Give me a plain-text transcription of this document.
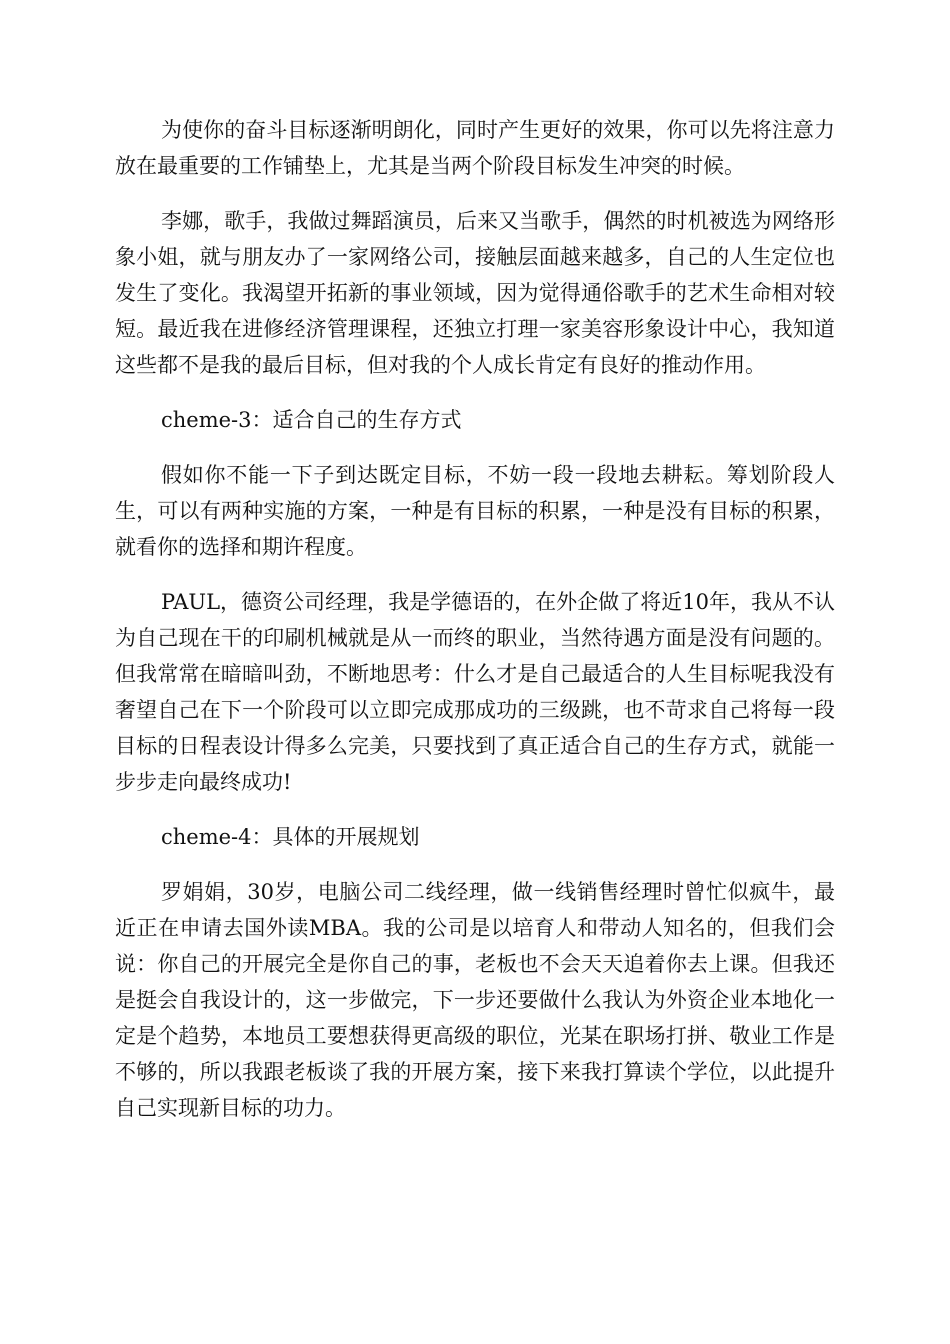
为使你的奋斗目标逐渐明朗化，同时产生更好的效果，你可以先将注意力放在最重要的工作铺垫上，尤其是当两个阶段目标发生冲突的时候。

李娜，歌手，我做过舞蹈演员，后来又当歌手，偶然的时机被选为网络形象小姐，就与朋友办了一家网络公司，接触层面越来越多，自己的人生定位也发生了变化。我渴望开拓新的事业领域，因为觉得通俗歌手的艺术生命相对较短。最近我在进修经济管理课程，还独立打理一家美容形象设计中心，我知道这些都不是我的最后目标，但对我的个人成长肯定有良好的推动作用。

cheme-3：适合自己的生存方式

假如你不能一下子到达既定目标，不妨一段一段地去耕耘。筹划阶段人生，可以有两种实施的方案，一种是有目标的积累，一种是没有目标的积累，就看你的选择和期许程度。

PAUL，德资公司经理，我是学德语的，在外企做了将近10年，我从不认为自己现在干的印刷机械就是从一而终的职业，当然待遇方面是没有问题的。但我常常在暗暗叫劲，不断地思考：什么才是自己最适合的人生目标呢我没有奢望自己在下一个阶段可以立即完成那成功的三级跳，也不苛求自己将每一段目标的日程表设计得多么完美，只要找到了真正适合自己的生存方式，就能一步步走向最终成功!

cheme-4：具体的开展规划

罗娟娟，30岁，电脑公司二线经理，做一线销售经理时曾忙似疯牛，最近正在申请去国外读MBA。我的公司是以培育人和带动人知名的，但我们会说：你自己的开展完全是你自己的事，老板也不会天天追着你去上课。但我还是挺会自我设计的，这一步做完，下一步还要做什么我认为外资企业本地化一定是个趋势，本地员工要想获得更高级的职位，光某在职场打拼、敬业工作是不够的，所以我跟老板谈了我的开展方案，接下来我打算读个学位，以此提升自己实现新目标的功力。
